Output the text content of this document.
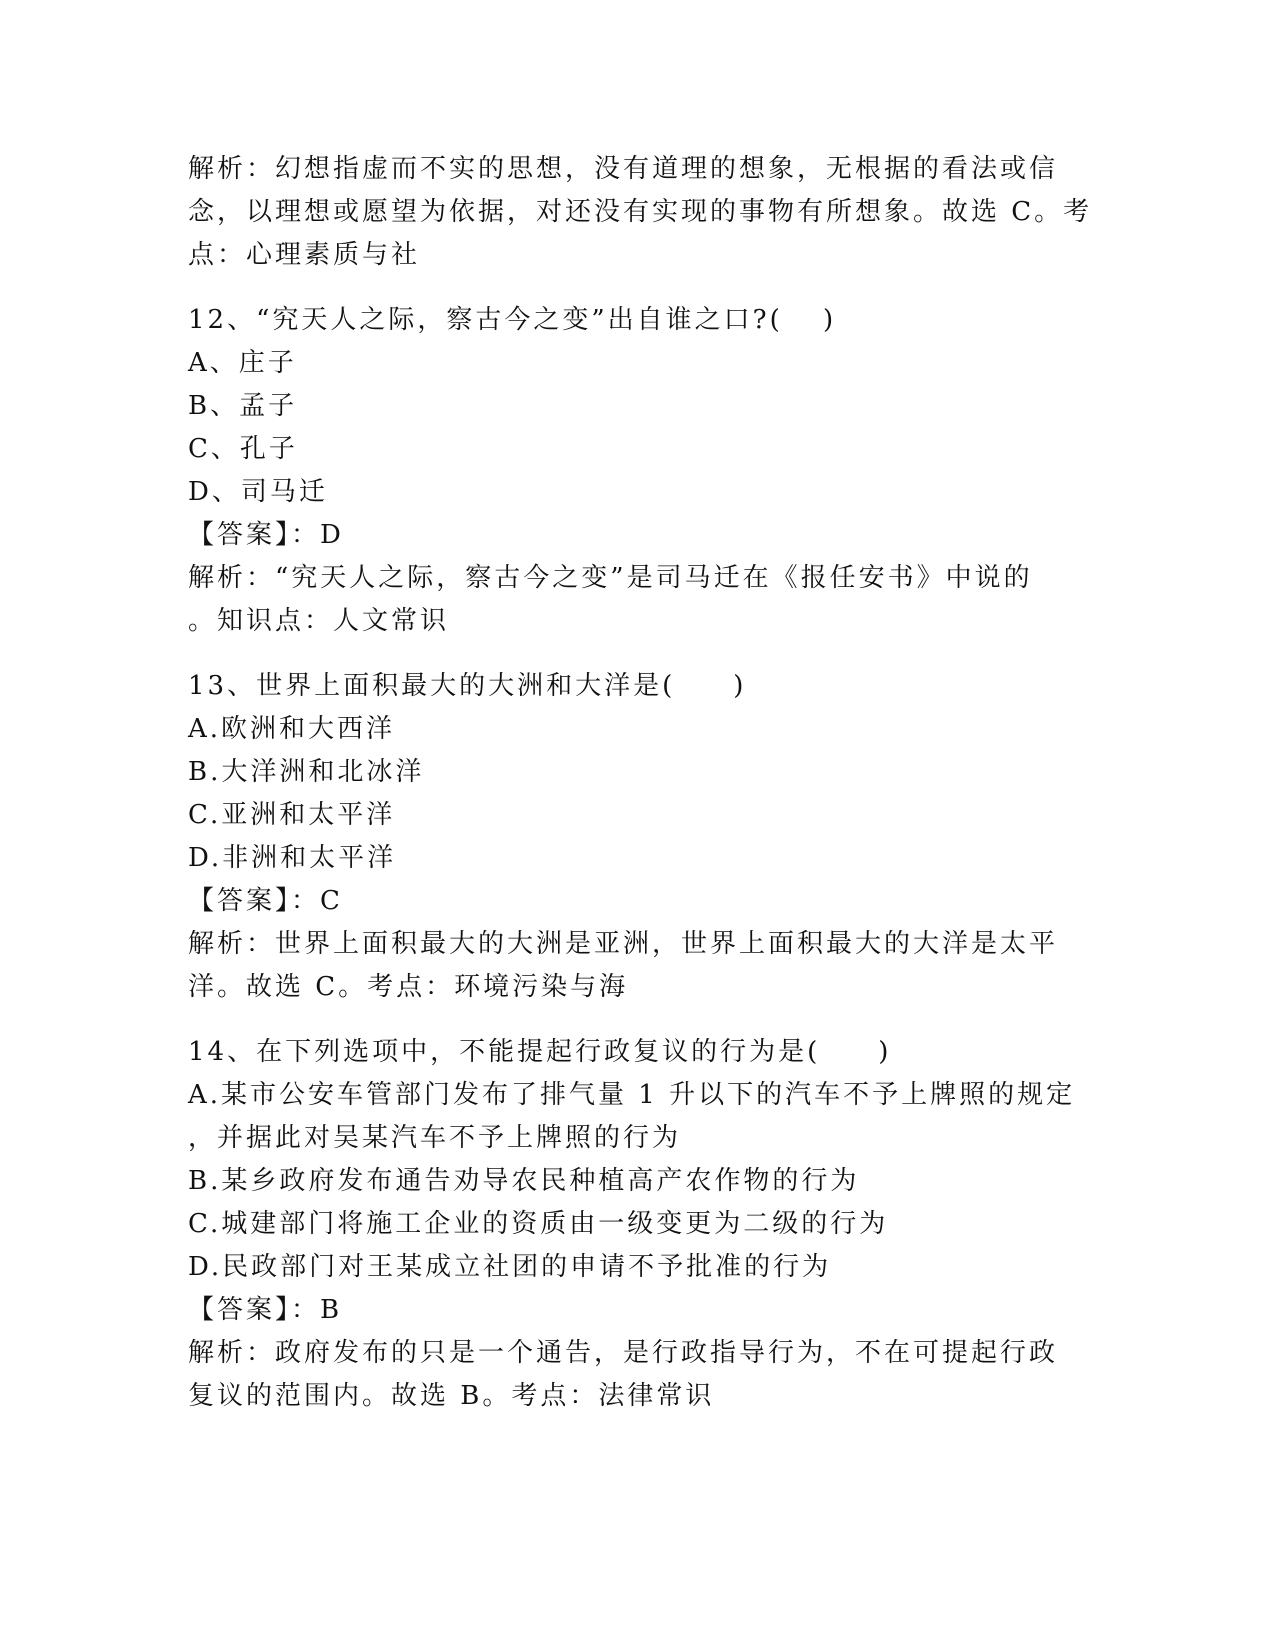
解析：幻想指虚而不实的思想，没有道理的想象，无根据的看法或信

念，以理想或愿望为依据，对还没有实现的事物有所想象。故选 C。考

点：心理素质与社

12、“究天人之际，察古今之变”出自谁之口?(　 )

A、庄子

B、孟子

C、孔子

D、司马迁

【答案】：D

解析：“究天人之际，察古今之变”是司马迁在《报任安书》中说的

。知识点：人文常识

13、世界上面积最大的大洲和大洋是(　　)

A.欧洲和大西洋

B.大洋洲和北冰洋

C.亚洲和太平洋

D.非洲和太平洋

【答案】：C

解析：世界上面积最大的大洲是亚洲，世界上面积最大的大洋是太平

洋。故选 C。考点：环境污染与海

14、在下列选项中，不能提起行政复议的行为是(　　)

A.某市公安车管部门发布了排气量 1 升以下的汽车不予上牌照的规定

，并据此对吴某汽车不予上牌照的行为

B.某乡政府发布通告劝导农民种植高产农作物的行为

C.城建部门将施工企业的资质由一级变更为二级的行为

D.民政部门对王某成立社团的申请不予批准的行为

【答案】：B

解析：政府发布的只是一个通告，是行政指导行为，不在可提起行政

复议的范围内。故选 B。考点：法律常识
